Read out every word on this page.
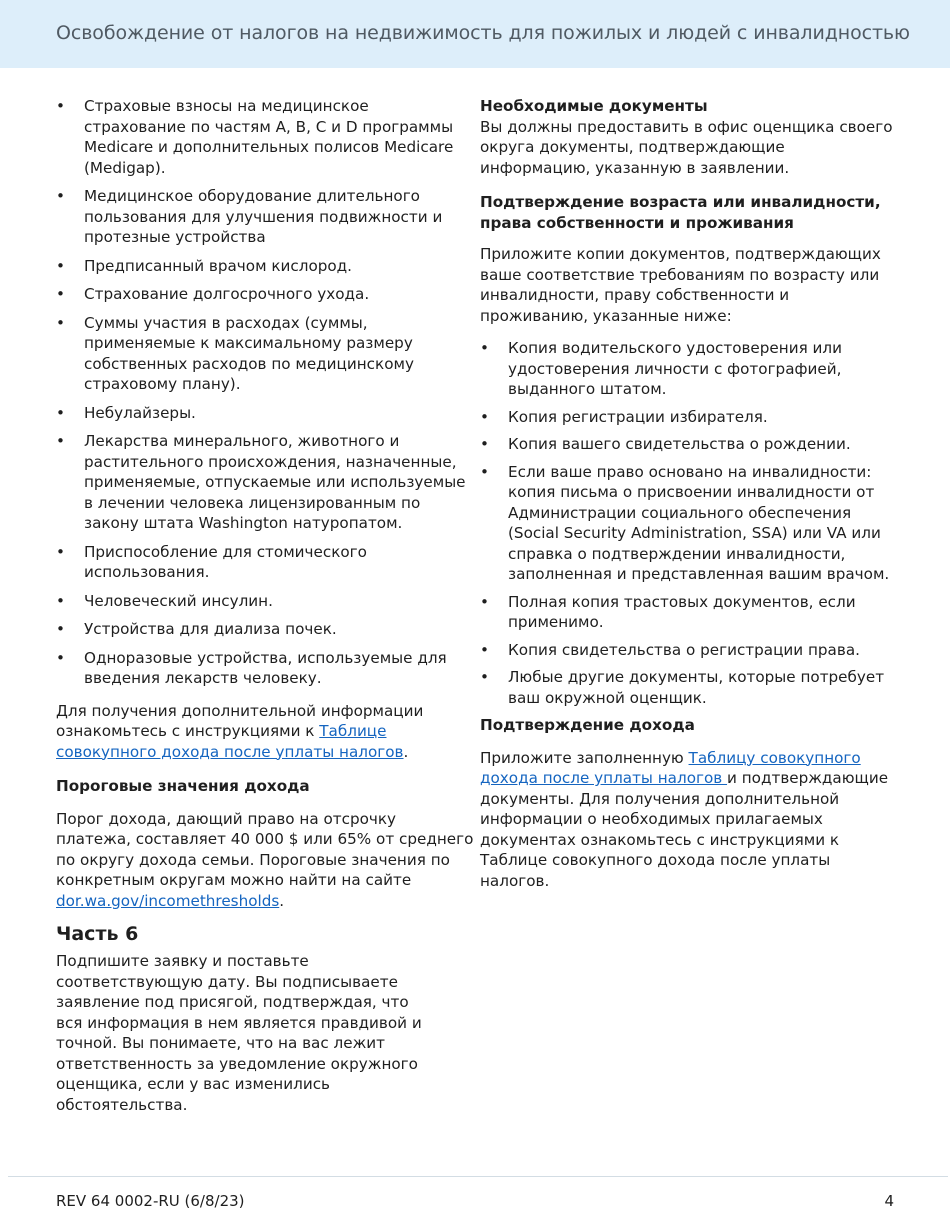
Освобождение от налогов на недвижимость для пожилых и людей с инвалидностью
• Страховые взносы на медицинское страхование по частям A, B, C и D программы Medicare и дополнительных полисов Medicare (Medigap).
• Медицинское оборудование длительного пользования для улучшения подвижности и протезные устройства
• Предписанный врачом кислород.
• Страхование долгосрочного ухода.
• Суммы участия в расходах (суммы, применяемые к максимальному размеру собственных расходов по медицинскому страховому плану).
• Небулайзеры.
• Лекарства минерального, животного и растительного происхождения, назначенные, применяемые, отпускаемые или используемые в лечении человека лицензированным по закону штата Washington натуропатом.
• Приспособление для стомического использования.
• Человеческий инсулин.
• Устройства для диализа почек.
• Одноразовые устройства, используемые для введения лекарств человеку.

Для получения дополнительной информации ознакомьтесь с инструкциями к Таблице совокупного дохода после уплаты налогов.

Пороговые значения дохода

Порог дохода, дающий право на отсрочку платежа, составляет 40 000 $ или 65% от среднего по округу дохода семьи. Пороговые значения по конкретным округам можно найти на сайте dor.wa.gov/incomethresholds.

Часть 6

Подпишите заявку и поставьте соответствующую дату. Вы подписываете заявление под присягой, подтверждая, что вся информация в нем является правдивой и точной. Вы понимаете, что на вас лежит ответственность за уведомление окружного оценщика, если у вас изменились обстоятельства.

Необходимые документы

Вы должны предоставить в офис оценщика своего округа документы, подтверждающие информацию, указанную в заявлении.

Подтверждение возраста или инвалидности, права собственности и проживания

Приложите копии документов, подтверждающих ваше соответствие требованиям по возрасту или инвалидности, праву собственности и проживанию, указанные ниже:

• Копия водительского удостоверения или удостоверения личности с фотографией, выданного штатом.
• Копия регистрации избирателя.
• Копия вашего свидетельства о рождении.
• Если ваше право основано на инвалидности: копия письма о присвоении инвалидности от Администрации социального обеспечения (Social Security Administration, SSA) или VA или справка о подтверждении инвалидности, заполненная и представленная вашим врачом.
• Полная копия трастовых документов, если применимо.
• Копия свидетельства о регистрации права.
• Любые другие документы, которые потребует ваш окружной оценщик.

Подтверждение дохода

Приложите заполненную Таблицу совокупного дохода после уплаты налогов и подтверждающие документы. Для получения дополнительной информации о необходимых прилагаемых документах ознакомьтесь с инструкциями к Таблице совокупного дохода после уплаты налогов.

REV 64 0002-RU (6/8/23)	4
